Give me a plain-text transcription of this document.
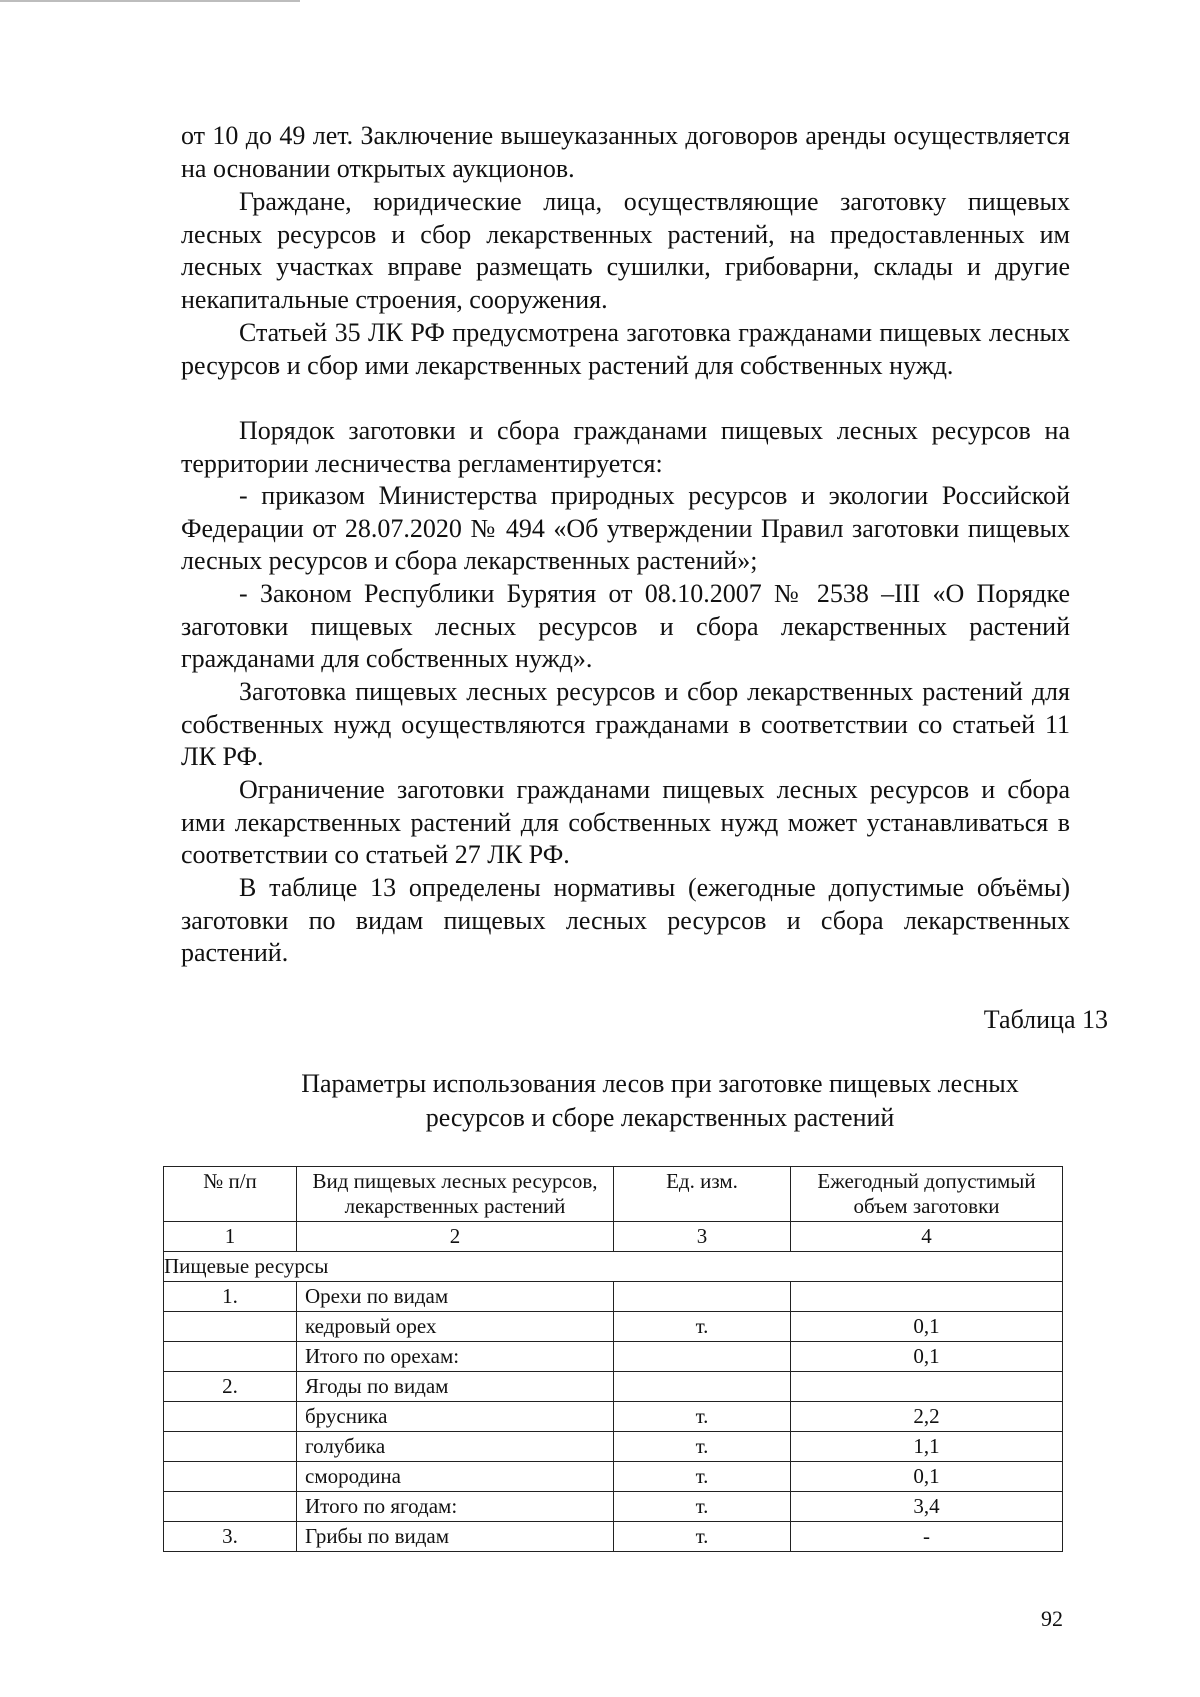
от 10 до 49 лет. Заключение вышеуказанных договоров аренды осуществляется на основании открытых аукционов.

Граждане, юридические лица, осуществляющие заготовку пищевых лесных ресурсов и сбор лекарственных растений, на предоставленных им лесных участках вправе размещать сушилки, грибоварни, склады и другие некапитальные строения, сооружения.

Статьей 35 ЛК РФ предусмотрена заготовка гражданами пищевых лесных ресурсов и сбор ими лекарственных растений для собственных нужд.

Порядок заготовки и сбора гражданами пищевых лесных ресурсов на территории лесничества регламентируется:

- приказом Министерства природных ресурсов и экологии Российской Федерации от 28.07.2020 № 494 «Об утверждении Правил заготовки пищевых лесных ресурсов и сбора лекарственных растений»;

- Законом Республики Бурятия от 08.10.2007 № 2538 –III «О Порядке заготовки пищевых лесных ресурсов и сбора лекарственных растений гражданами для собственных нужд».

Заготовка пищевых лесных ресурсов и сбор лекарственных растений для собственных нужд осуществляются гражданами в соответствии со статьей 11 ЛК РФ.

Ограничение заготовки гражданами пищевых лесных ресурсов и сбора ими лекарственных растений для собственных нужд может устанавливаться в соответствии со статьей 27 ЛК РФ.

В таблице 13 определены нормативы (ежегодные допустимые объёмы) заготовки по видам пищевых лесных ресурсов и сбора лекарственных растений.

Таблица 13
Параметры использования лесов при заготовке пищевых лесных ресурсов и сборе лекарственных растений
№ п/п	Вид пищевых лесных ресурсов, лекарственных растений	Ед. изм.	Ежегодный допустимый объем заготовки
1	2	3	4
Пищевые ресурсы			
1.	Орехи по видам		
	кедровый орех	т.	0,1
	Итого по орехам:		0,1
2.	Ягоды по видам		
	брусника	т.	2,2
	голубика	т.	1,1
	смородина	т.	0,1
	Итого по ягодам:	т.	3,4
3.	Грибы по видам	т.	-
92
